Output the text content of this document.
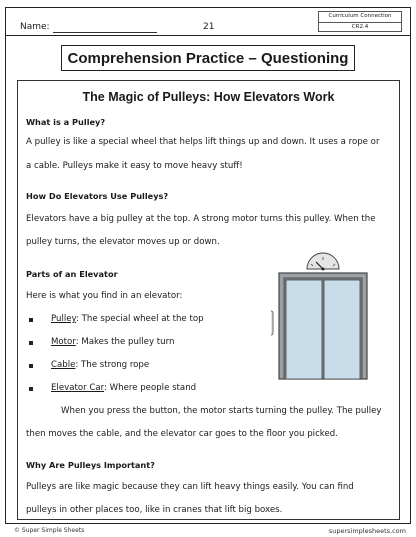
Name:	21
Curriculum Connection
CR2.4
Comprehension Practice – Questioning
The Magic of Pulleys: How Elevators Work
What is a Pulley?
A pulley is like a special wheel that helps lift things up and down. It uses a rope or
a cable. Pulleys make it easy to move heavy stuff!
How Do Elevators Use Pulleys?
Elevators have a big pulley at the top. A strong motor turns this pulley. When the
pulley turns, the elevator moves up or down.
Parts of an Elevator
Here is what you find in an elevator:
Pulley: The special wheel at the top
Motor: Makes the pulley turn
Cable: The strong rope
Elevator Car: Where people stand
When you press the button, the motor starts turning the pulley. The pulley
then moves the cable, and the elevator car goes to the floor you picked.
Why Are Pulleys Important?
Pulleys are like magic because they can lift heavy things easily. You can find
pulleys in other places too, like in cranes that lift big boxes.
© Super Simple Sheets	supersimplesheets.com
